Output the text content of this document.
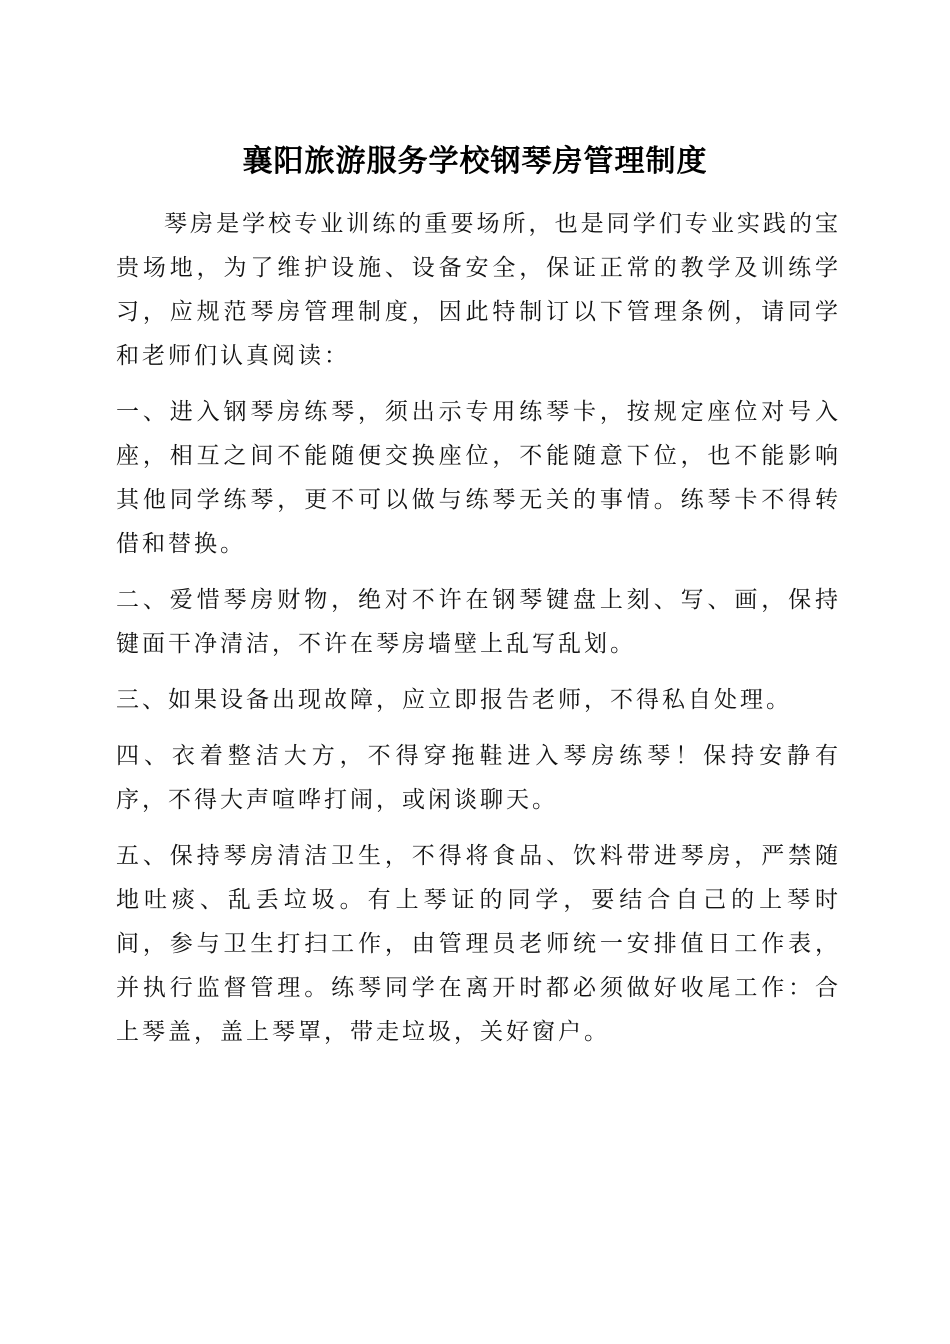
襄阳旅游服务学校钢琴房管理制度

琴房是学校专业训练的重要场所，也是同学们专业实践的宝贵场地，为了维护设施、设备安全，保证正常的教学及训练学习，应规范琴房管理制度，因此特制订以下管理条例，请同学和老师们认真阅读：

一、进入钢琴房练琴，须出示专用练琴卡，按规定座位对号入座，相互之间不能随便交换座位，不能随意下位，也不能影响其他同学练琴，更不可以做与练琴无关的事情。练琴卡不得转借和替换。

二、爱惜琴房财物，绝对不许在钢琴键盘上刻、写、画，保持键面干净清洁，不许在琴房墙壁上乱写乱划。

三、如果设备出现故障，应立即报告老师，不得私自处理。

四、衣着整洁大方，不得穿拖鞋进入琴房练琴！保持安静有序，不得大声喧哗打闹，或闲谈聊天。

五、保持琴房清洁卫生，不得将食品、饮料带进琴房，严禁随地吐痰、乱丢垃圾。有上琴证的同学，要结合自己的上琴时间，参与卫生打扫工作，由管理员老师统一安排值日工作表，并执行监督管理。练琴同学在离开时都必须做好收尾工作：合上琴盖，盖上琴罩，带走垃圾，关好窗户。
